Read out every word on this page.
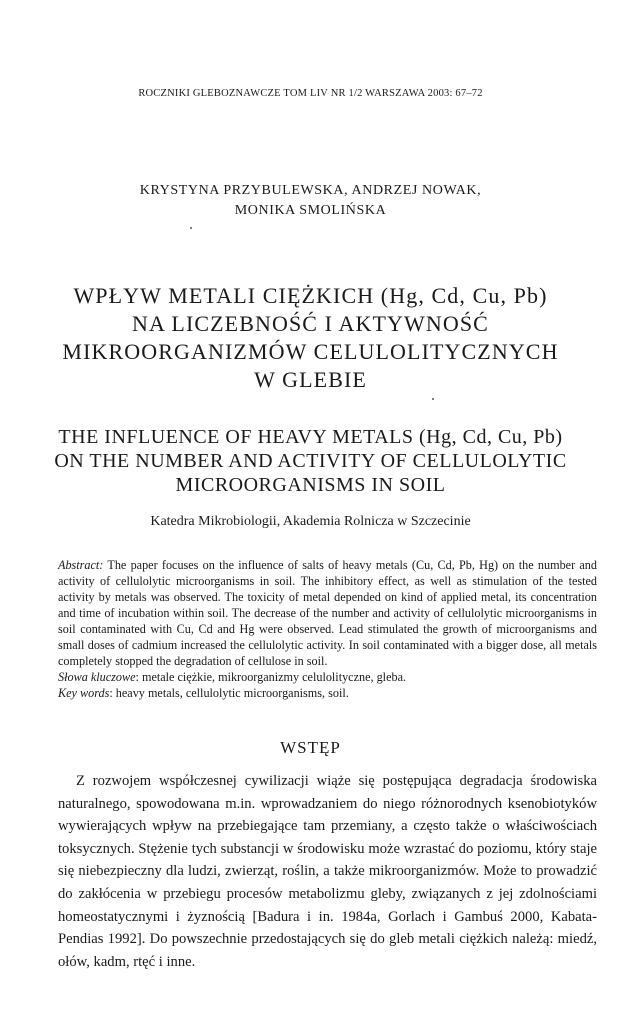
ROCZNIKI GLEBOZNAWCZE TOM LIV NR 1/2 WARSZAWA 2003: 67–72
KRYSTYNA PRZYBULEWSKA, ANDRZEJ NOWAK,
MONIKA SMOLIŃSKA
WPŁYW METALI CIĘŻKICH (Hg, Cd, Cu, Pb)
NA LICZEBNOŚĆ I AKTYWNOŚĆ
MIKROORGANIZMÓW CELULOLITYCZNYCH
W GLEBIE
THE INFLUENCE OF HEAVY METALS (Hg, Cd, Cu, Pb)
ON THE NUMBER AND ACTIVITY OF CELLULOLYTIC
MICROORGANISMS IN SOIL
Katedra Mikrobiologii, Akademia Rolnicza w Szczecinie

Abstract: The paper focuses on the influence of salts of heavy metals (Cu, Cd, Pb, Hg) on the number and activity of cellulolytic microorganisms in soil. The inhibitory effect, as well as stimulation of the tested activity by metals was observed. The toxicity of metal depended on kind of applied metal, its concentration and time of incubation within soil. The decrease of the number and activity of cellulolytic microorganisms in soil contaminated with Cu, Cd and Hg were observed. Lead stimulated the growth of microorganisms and small doses of cadmium increased the cellulolytic activity. In soil contaminated with a bigger dose, all metals completely stopped the degradation of cellulose in soil.

Słowa kluczowe: metale ciężkie, mikroorganizmy celulolityczne, gleba.

Key words: heavy metals, cellulolytic microorganisms, soil.

WSTĘP

Z rozwojem współczesnej cywilizacji wiąże się postępująca degradacja środowiska naturalnego, spowodowana m.in. wprowadzaniem do niego różnorodnych ksenobiotyków wywierających wpływ na przebiegające tam przemiany, a często także o właściwościach toksycznych. Stężenie tych substancji w środowisku może wzrastać do poziomu, który staje się niebezpieczny dla ludzi, zwierząt, roślin, a także mikroorganizmów. Może to prowadzić do zakłócenia w przebiegu procesów metabolizmu gleby, związanych z jej zdolnościami homeostatycznymi i żyznością [Badura i in. 1984a, Gorlach i Gambuś 2000, Kabata-Pendias 1992]. Do powszechnie przedostających się do gleb metali ciężkich należą: miedź, ołów, kadm, rtęć i inne.
